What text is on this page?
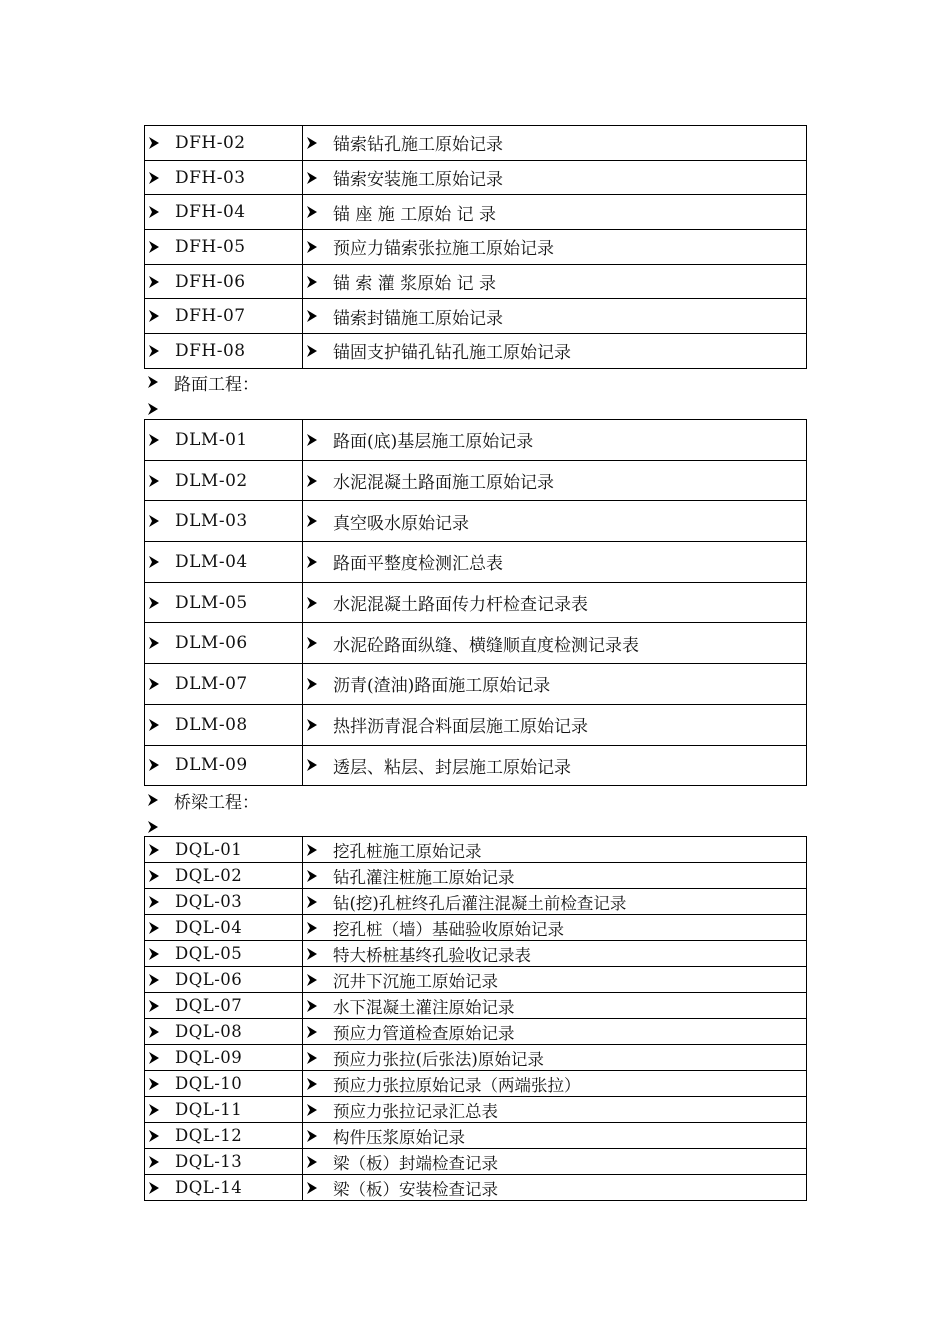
DFH-02	锚索钻孔施工原始记录

DFH-03	锚索安装施工原始记录

DFH-04	锚 座 施 工原始 记 录

DFH-05	预应力锚索张拉施工原始记录

DFH-06	锚 索 灌 浆原始 记 录

DFH-07	锚索封锚施工原始记录

DFH-08	锚固支护锚孔钻孔施工原始记录
路面工程：
DLM-01	路面(底)基层施工原始记录

DLM-02	水泥混凝土路面施工原始记录

DLM-03	真空吸水原始记录

DLM-04	路面平整度检测汇总表

DLM-05	水泥混凝土路面传力杆检查记录表

DLM-06	水泥砼路面纵缝、横缝顺直度检测记录表

DLM-07	沥青(渣油)路面施工原始记录

DLM-08	热拌沥青混合料面层施工原始记录

DLM-09	透层、粘层、封层施工原始记录
桥梁工程：
DQL-01	挖孔桩施工原始记录

DQL-02	钻孔灌注桩施工原始记录

DQL-03	钻(挖)孔桩终孔后灌注混凝土前检查记录

DQL-04	挖孔桩（墙）基础验收原始记录

DQL-05	特大桥桩基终孔验收记录表

DQL-06	沉井下沉施工原始记录

DQL-07	水下混凝土灌注原始记录

DQL-08	预应力管道检查原始记录

DQL-09	预应力张拉(后张法)原始记录

DQL-10	预应力张拉原始记录（两端张拉）

DQL-11	预应力张拉记录汇总表

DQL-12	构件压浆原始记录

DQL-13	梁（板）封端检查记录

DQL-14	梁（板）安装检查记录
